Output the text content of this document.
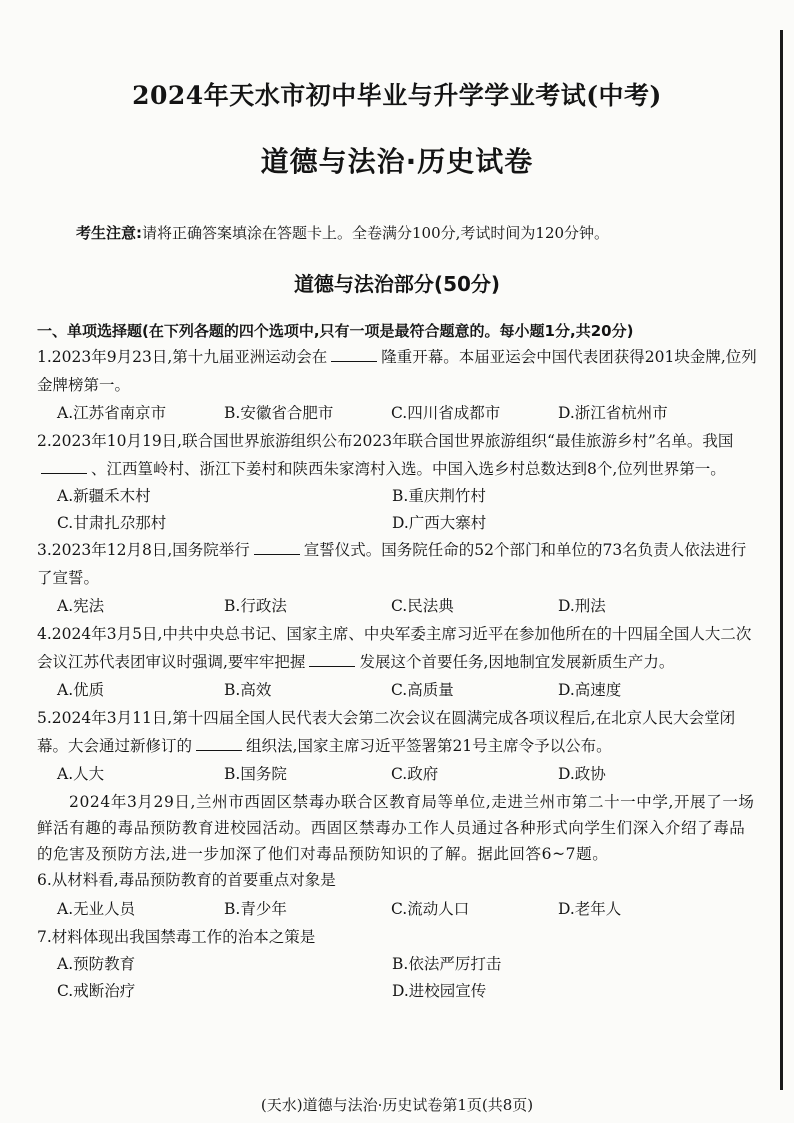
2024年天水市初中毕业与升学学业考试(中考)
道德与法治·历史试卷
考生注意:请将正确答案填涂在答题卡上。全卷满分100分,考试时间为120分钟。
道德与法治部分(50分)
一、单项选择题(在下列各题的四个选项中,只有一项是最符合题意的。每小题1分,共20分)
1.2023年9月23日,第十九届亚洲运动会在	隆重开幕。本届亚运会中国代表团获得201块金牌,位列金牌榜第一。
A.江苏省南京市	B.安徽省合肥市	C.四川省成都市	D.浙江省杭州市
2.2023年10月19日,联合国世界旅游组织公布2023年联合国世界旅游组织“最佳旅游乡村”名单。我国、江西篁岭村、浙江下姜村和陕西朱家湾村入选。中国入选乡村总数达到8个,位列世界第一。
A.新疆禾木村	B.重庆荆竹村
C.甘肃扎尕那村	D.广西大寨村
3.2023年12月8日,国务院举行	宣誓仪式。国务院任命的52个部门和单位的73名负责人依法进行了宣誓。
A.宪法	B.行政法	C.民法典	D.刑法
4.2024年3月5日,中共中央总书记、国家主席、中央军委主席习近平在参加他所在的十四届全国人大二次会议江苏代表团审议时强调,要牢牢把握	发展这个首要任务,因地制宜发展新质生产力。
A.优质	B.高效	C.高质量	D.高速度
5.2024年3月11日,第十四届全国人民代表大会第二次会议在圆满完成各项议程后,在北京人民大会堂闭幕。大会通过新修订的	组织法,国家主席习近平签署第21号主席令予以公布。
A.人大	B.国务院	C.政府	D.政协
2024年3月29日,兰州市西固区禁毒办联合区教育局等单位,走进兰州市第二十一中学,开展了一场鲜活有趣的毒品预防教育进校园活动。西固区禁毒办工作人员通过各种形式向学生们深入介绍了毒品的危害及预防方法,进一步加深了他们对毒品预防知识的了解。据此回答6~7题。
6.从材料看,毒品预防教育的首要重点对象是
A.无业人员	B.青少年	C.流动人口	D.老年人
7.材料体现出我国禁毒工作的治本之策是
A.预防教育	B.依法严厉打击
C.戒断治疗	D.进校园宣传
(天水)道德与法治·历史试卷第1页(共8页)
